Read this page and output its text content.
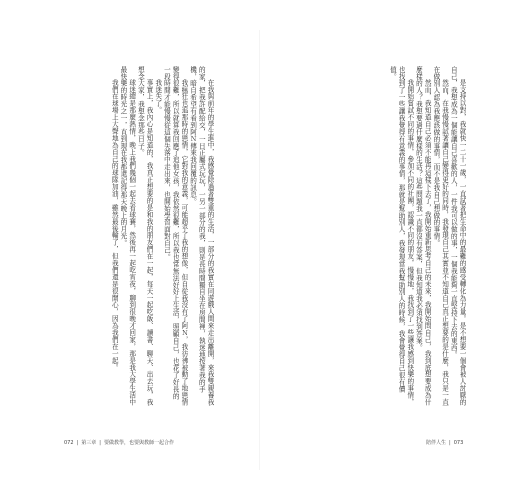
在我與前年的學生進中，我感覺除過著雙重的生活，一部分的我實在同遊戲人間來走出離開，來我雙親養我的家，把我許配給交，一日正屬式玩玩，一另一部分的我，則是長時間獨自坐在房間裡，執迷地按著我的手機，暗自希望有看到阿Ｎ傳來我回覆的訊息。

我瘋狂也追那時的戀情，它對我的意義，可能超乎了我的想像，但自從我沒有了阿Ｎ，我彷彿被動了地戀情變得很難，所以就算我回應了追他女孩，我依然很難，所以我也常無法好好上生活，照顧自己，也花了好長的一段時間才能慢慢從這個失落中走出來，也開始學習面對自己。

我迷失了。

事實上，我內心是知道的，我真正想要的是和我的朋友們在一起，每天一起吃飯、讀書、聊天、出去玩，我想念大家，我想念那些日子。

球迷總是那麼熱情，晚上我們幾個一起去看球賽，然後再一起吃宵夜，聊到很晚才回家，那是我大學生活中最快樂的時光之一，直到現在我都還記得那天晚上的月光。

我們在球場上大聲地為自己的球隊加油，雖然最後輸了，但我們還是很開心，因為我們在一起。

072 | 第三章 | 要做教學，也要與教師一起合作	陪伴人生 | 073

是支持以對，我就快一二十一歲，一直試著把生命中的最難的感受轉化為力量。是不想要一個會被人討厭的自己，我想成為一個能讓自己喜歡的人，一件我可以做的事，一個我能夠一直堅持下去的東西。

然而，在我慢慢試著讓自己變得更好的同時，我發現自己其實並不知道自己真正想要的是什麼，我只是一直在做別人認為我應該做的事情，而不是我自己想做的事情。

然而，我知道自己必須不能再這樣下去了，我開始重新思考自己的未來，我開始問自己，我到底想要成為什麼樣的人？我想要過什麼樣的生活？這些問題我一直都沒有答案，但我知道我必須找到答案。

我開始嘗試不同的事情，參加不同的社團，認識不同的朋友，慢慢地，我找到了一些讓我感到快樂的事情，也找到了一些讓我覺得有意義的事情，那就是幫助別人，我發現當我幫助別人的時候，我會覺得自己很有價值。
